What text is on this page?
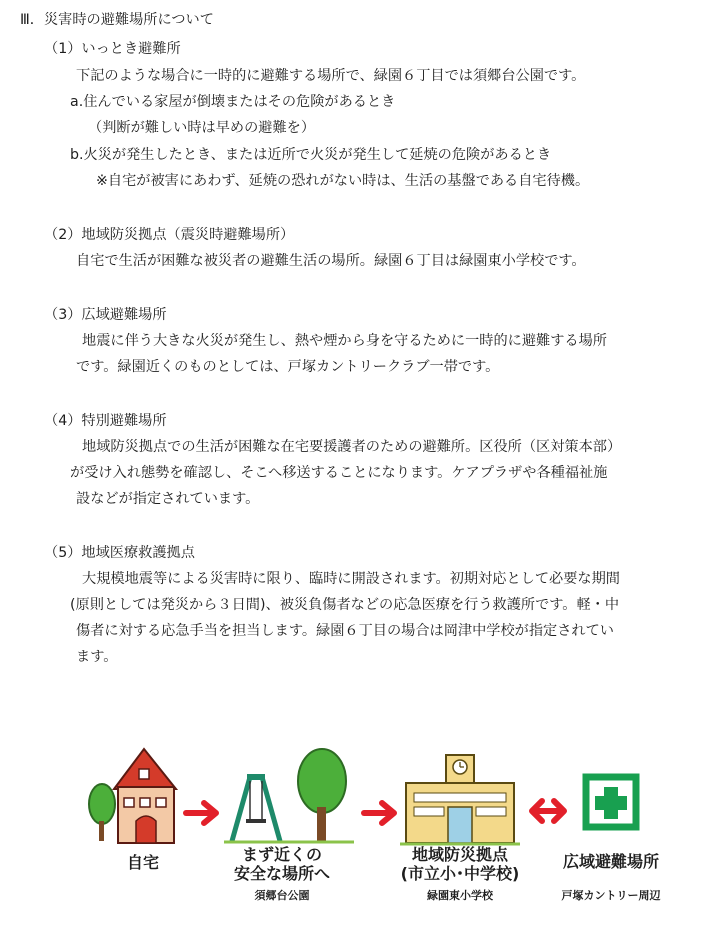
Ⅲ．災害時の避難場所について
（1）いっとき避難所
下記のような場合に一時的に避難する場所で、緑園６丁目では須郷台公園です。
a.住んでいる家屋が倒壊またはその危険があるとき
（判断が難しい時は早めの避難を）
b.火災が発生したとき、または近所で火災が発生して延焼の危険があるとき
※自宅が被害にあわず、延焼の恐れがない時は、生活の基盤である自宅待機。
（2）地域防災拠点（震災時避難場所）
自宅で生活が困難な被災者の避難生活の場所。緑園６丁目は緑園東小学校です。
（3）広域避難場所
地震に伴う大きな火災が発生し、熱や煙から身を守るために一時的に避難する場所
です。緑園近くのものとしては、戸塚カントリークラブ一帯です。
（4）特別避難場所
地域防災拠点での生活が困難な在宅要援護者のための避難所。区役所（区対策本部）
が受け入れ態勢を確認し、そこへ移送することになります。ケアプラザや各種福祉施
設などが指定されています。
（5）地域医療救護拠点
大規模地震等による災害時に限り、臨時に開設されます。初期対応として必要な期間
(原則としては発災から３日間)、被災負傷者などの応急医療を行う救護所です。軽・中
傷者に対する応急手当を担当します。緑園６丁目の場合は岡津中学校が指定されてい
ます。
自宅	まず近くの
安全な場所へ
須郷台公園
地域防災拠点
(市立小･中学校)
緑園東小学校
広域避難場所
戸塚カントリー周辺
